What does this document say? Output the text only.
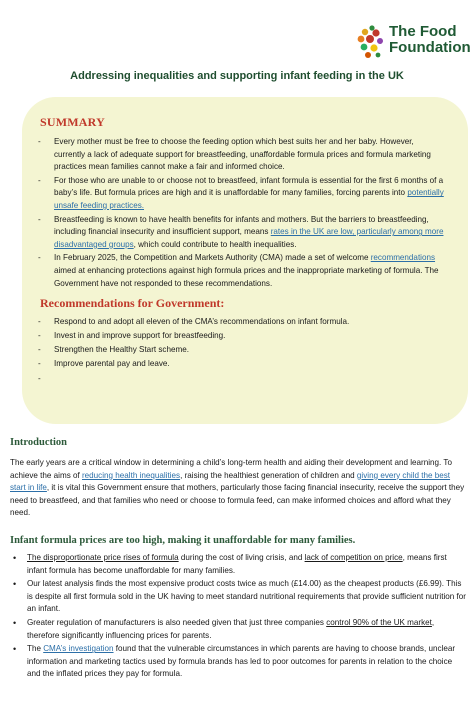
The Food
Foundation
Addressing inequalities and supporting infant feeding in the UK
SUMMARY
- Every mother must be free to choose the feeding option which best suits her and her baby. However, currently a lack of adequate support for breastfeeding, unaffordable formula prices and formula marketing practices mean families cannot make a fair and informed choice.
- For those who are unable to or choose not to breastfeed, infant formula is essential for the first 6 months of a baby’s life. But formula prices are high and it is unaffordable for many families, forcing parents into potentially unsafe feeding practices.
- Breastfeeding is known to have health benefits for infants and mothers. But the barriers to breastfeeding, including financial insecurity and insufficient support, means rates in the UK are low, particularly among more disadvantaged groups, which could contribute to health inequalities.
- In February 2025, the Competition and Markets Authority (CMA) made a set of welcome recommendations aimed at enhancing protections against high formula prices and the inappropriate marketing of formula. The Government have not responded to these recommendations.
Recommendations for Government:
- Respond to and adopt all eleven of the CMA’s recommendations on infant formula.
- Invest in and improve support for breastfeeding.
- Strengthen the Healthy Start scheme.
- Improve parental pay and leave.
-
Introduction

The early years are a critical window in determining a child’s long-term health and aiding their development and learning. To achieve the aims of reducing health inequalities, raising the healthiest generation of children and giving every child the best start in life, it is vital this Government ensure that mothers, particularly those facing financial insecurity, receive the support they need to breastfeed, and that families who need or choose to formula feed, can make informed choices and afford what they need.

Infant formula prices are too high, making it unaffordable for many families.
• The disproportionate price rises of formula during the cost of living crisis, and lack of competition on price, means first infant formula has become unaffordable for many families.
• Our latest analysis finds the most expensive product costs twice as much (£14.00) as the cheapest products (£6.99). This is despite all first formula sold in the UK having to meet standard nutritional requirements that provide sufficient nutrition for an infant.
• Greater regulation of manufacturers is also needed given that just three companies control 90% of the UK market, therefore significantly influencing prices for parents.
• The CMA’s investigation found that the vulnerable circumstances in which parents are having to choose brands, unclear information and marketing tactics used by formula brands has led to poor outcomes for parents in relation to the choice and the inflated prices they pay for formula.
